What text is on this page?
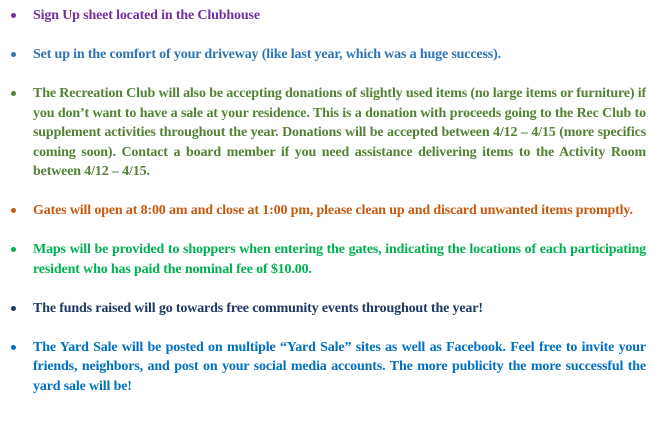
Sign Up sheet located in the Clubhouse
Set up in the comfort of your driveway (like last year, which was a huge success).
The Recreation Club will also be accepting donations of slightly used items (no large items or furniture) if you don’t want to have a sale at your residence. This is a donation with proceeds going to the Rec Club to supplement activities throughout the year. Donations will be accepted between 4/12 – 4/15 (more specifics coming soon). Contact a board member if you need assistance delivering items to the Activity Room between 4/12 – 4/15.
Gates will open at 8:00 am and close at 1:00 pm, please clean up and discard unwanted items promptly.
Maps will be provided to shoppers when entering the gates, indicating the locations of each participating resident who has paid the nominal fee of $10.00.
The funds raised will go towards free community events throughout the year!
The Yard Sale will be posted on multiple “Yard Sale” sites as well as Facebook. Feel free to invite your friends, neighbors, and post on your social media accounts. The more publicity the more successful the yard sale will be!
